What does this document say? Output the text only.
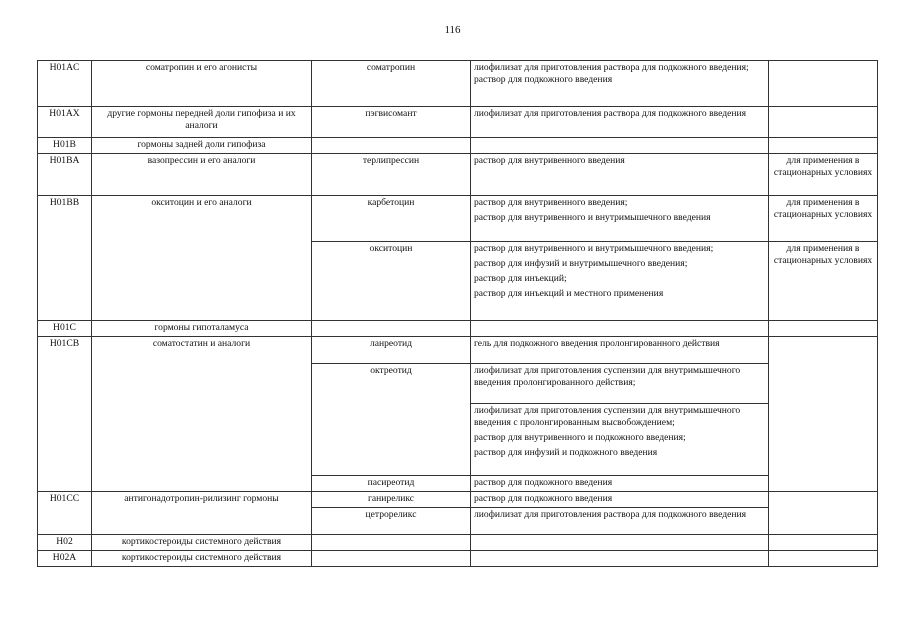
116
H01AC	соматропин и его агонисты	соматропин	лиофилизат для приготовления раствора для подкожного введения;
раствор для подкожного введения	

H01AX	другие гормоны передней доли гипофиза и их аналоги	пэгвисомант	лиофилизат для приготовления раствора для подкожного введения	

H01B	гормоны задней доли гипофиза			
H01BA	вазопрессин и его аналоги	терлипрессин	раствор для внутривенного введения	для применения в стационарных условиях
H01BB	окситоцин и его аналоги	карбетоцин	раствор для внутривенного введения;
раствор для внутривенного и внутримышечного введения	для применения в стационарных условиях
		окситоцин	раствор для внутривенного и внутримышечного введения;
раствор для инфузий и внутримышечного введения;
раствор для инъекций;
раствор для инъекций и местного применения	для применения в стационарных условиях
H01C	гормоны гипоталамуса			
H01CB	соматостатин и аналоги	ланреотид	гель для подкожного введения пролонгированного действия	

		октреотид	лиофилизат для приготовления суспензии для внутримышечного введения пролонгированного действия;	

			лиофилизат для приготовления суспензии для внутримышечного введения с пролонгированным высвобождением;
раствор для внутривенного и подкожного введения;
раствор для инфузий и подкожного введения	

		пасиреотид	раствор для подкожного введения	

H01CC	антигонадотропин-рилизинг гормоны	ганиреликс	раствор для подкожного введения	

		цетрореликс	лиофилизат для приготовления раствора для подкожного введения	

H02	кортикостероиды системного действия			
H02A	кортикостероиды системного действия			
